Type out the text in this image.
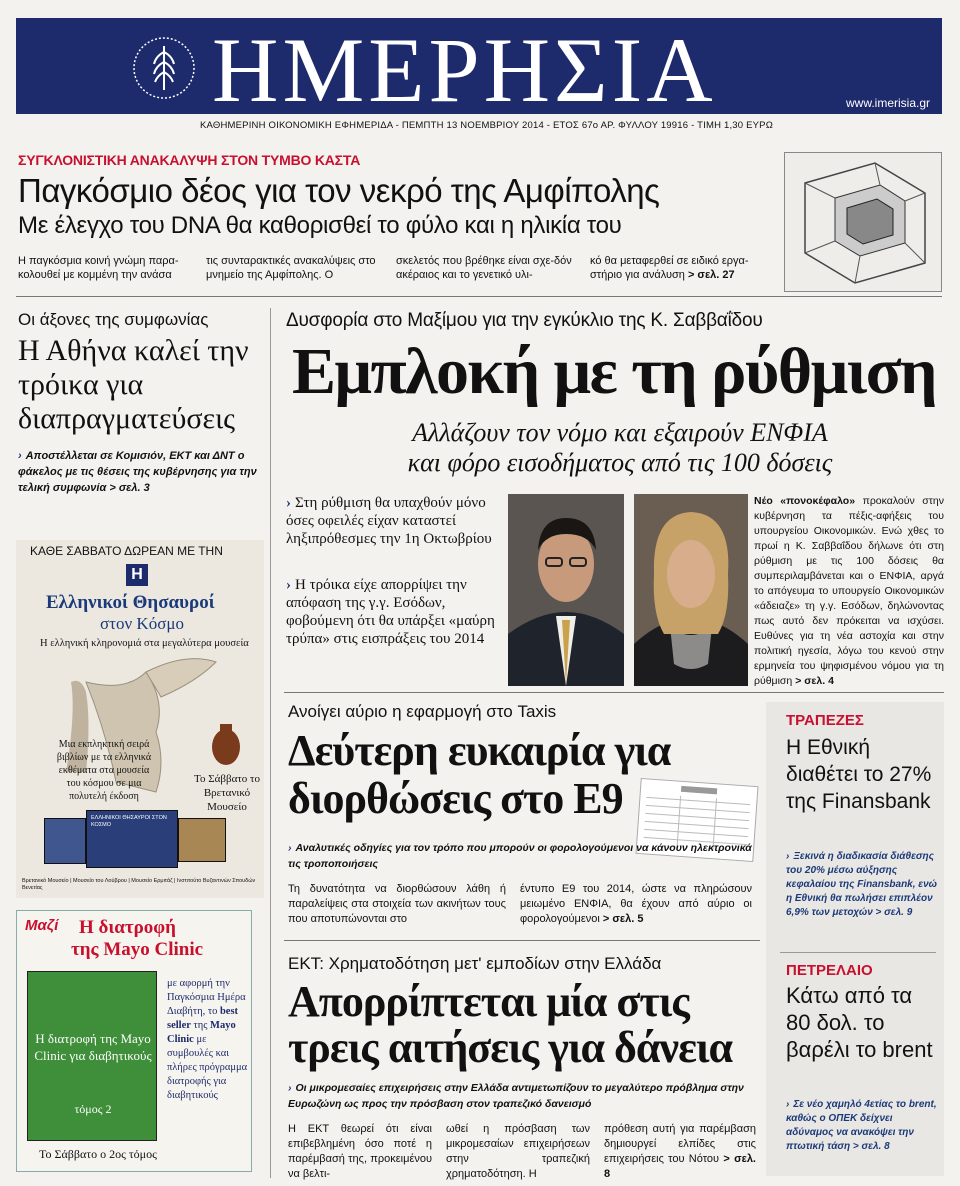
ΗΜΕΡΗΣΙΑ	www.imerisia.gr
ΚΑΘΗΜΕΡΙΝΗ ΟΙΚΟΝΟΜΙΚΗ ΕΦΗΜΕΡΙΔΑ - ΠΕΜΠΤΗ 13 ΝΟΕΜΒΡΙΟΥ 2014 - ΕΤΟΣ 67ο ΑΡ. ΦΥΛΛΟΥ 19916 - ΤΙΜΗ 1,30 ΕΥΡΩ
ΣΥΓΚΛΟΝΙΣΤΙΚΗ ΑΝΑΚΑΛΥΨΗ ΣΤΟΝ ΤΥΜΒΟ ΚΑΣΤΑ
Παγκόσμιο δέος για τον νεκρό της Αμφίπολης
Με έλεγχο του DNA θα καθορισθεί το φύλο και η ηλικία του
Η παγκόσμια κοινή γνώμη παρα-κολουθεί με κομμένη την ανάσα
τις συνταρακτικές ανακαλύψεις στο μνημείο της Αμφίπολης. Ο
σκελετός που βρέθηκε είναι σχε-δόν ακέραιος και το γενετικό υλι-
κό θα μεταφερθεί σε ειδικό εργα-στήριο για ανάλυση > σελ. 27
Οι άξονες της συμφωνίας
Η Αθήνα καλεί την τρόικα για διαπραγματεύσεις
› Αποστέλλεται σε Κομισιόν, ΕΚΤ και ΔΝΤ ο φάκελος με τις θέσεις της κυβέρνησης για την τελική συμφωνία > σελ. 3
ΚΑΘΕ ΣΑΒΒΑΤΟ ΔΩΡΕΑΝ ΜΕ ΤΗΝ
Η
Ελληνικοί Θησαυροί
στον Κόσμο
Η ελληνική κληρονομιά στα μεγαλύτερα μουσεία
Μια εκπληκτική σειρά βιβλίων με τα ελληνικά εκθέματα στα μουσεία του κόσμου σε μια πολυτελή έκδοση
Το Σάββατο το Βρετανικό Μουσείο
ΕΛΛΗΝΙΚΟΙ ΘΗΣΑΥΡΟΙ ΣΤΟΝ ΚΟΣΜΟ
Βρετανικό Μουσείο | Μουσείο του Λούβρου | Μουσείο Ερμιτάζ | Ινστιτούτο Βυζαντινών Σπουδών Βενετίας
Μαζί Η διατροφή
της Mayo Clinic
Η διατροφή της Mayo Clinic για διαβητικούς
τόμος 2
με αφορμή την Παγκόσμια Ημέρα Διαβήτη, το best seller της Mayo Clinic με συμβουλές και πλήρες πρόγραμμα διατροφής για διαβητικούς
Το Σάββατο ο 2ος τόμος
Δυσφορία στο Μαξίμου για την εγκύκλιο της Κ. Σαββαΐδου
Εμπλοκή με τη ρύθμιση
Αλλάζουν τον νόμο και εξαιρούν ΕΝΦΙΑ
και φόρο εισοδήματος από τις 100 δόσεις
› Στη ρύθμιση θα υπαχθούν μόνο όσες οφειλές είχαν καταστεί ληξιπρόθεσμες την 1η Οκτωβρίου
› Η τρόικα είχε απορρίψει την απόφαση της γ.γ. Εσόδων, φοβούμενη ότι θα υπάρξει «μαύρη τρύπα» στις εισπράξεις του 2014
Νέο «πονοκέφαλο» προκαλούν στην κυβέρνηση τα πέξις-αφήξεις του υπουργείου Οικονομικών. Ενώ χθες το πρωί η Κ. Σαββαΐδου δήλωνε ότι στη ρύθμιση με τις 100 δόσεις θα συμπεριλαμβάνεται και ο ΕΝΦΙΑ, αργά το απόγευμα το υπουργείο Οικονομικών «άδειαζε» τη γ.γ. Εσόδων, δηλώνοντας πως αυτό δεν πρόκειται να ισχύσει. Ευθύνες για τη νέα αστοχία και στην πολιτική ηγεσία, λόγω του κενού στην ερμηνεία του ψηφισμένου νόμου για τη ρύθμιση > σελ. 4
Ανοίγει αύριο η εφαρμογή στο Taxis
Δεύτερη ευκαιρία για
διορθώσεις στο Ε9
› Αναλυτικές οδηγίες για τον τρόπο που μπορούν οι φορολογούμενοι να κάνουν ηλεκτρονικά τις τροποποιήσεις
Τη δυνατότητα να διορθώσουν λάθη ή παραλείψεις στα στοιχεία των ακινήτων τους που αποτυπώνονται στο
έντυπο Ε9 του 2014, ώστε να πληρώσουν μειωμένο ΕΝΦΙΑ, θα έχουν από αύριο οι φορολογούμενοι > σελ. 5
ΕΚΤ: Χρηματοδότηση μετ' εμποδίων στην Ελλάδα
Απορρίπτεται μία στις
τρεις αιτήσεις για δάνεια
› Οι μικρομεσαίες επιχειρήσεις στην Ελλάδα αντιμετωπίζουν το μεγαλύτερο πρόβλημα στην Ευρωζώνη ως προς την πρόσβαση στον τραπεζικό δανεισμό
Η ΕΚΤ θεωρεί ότι είναι επιβεβλημένη όσο ποτέ η παρέμβασή της, προκειμένου να βελτι-
ωθεί η πρόσβαση των μικρομεσαίων επιχειρήσεων στην τραπεζική χρηματοδότηση. Η
πρόθεση αυτή για παρέμβαση δημιουργεί ελπίδες στις επιχειρήσεις του Νότου > σελ. 8
ΤΡΑΠΕΖΕΣ
Η Εθνική διαθέτει το 27% της Finansbank
› Ξεκινά η διαδικασία διάθεσης του 20% μέσω αύξησης κεφαλαίου της Finansbank, ενώ η Εθνική θα πωλήσει επιπλέον 6,9% των μετοχών > σελ. 9
ΠΕΤΡΕΛΑΙΟ
Κάτω από τα 80 δολ. το βαρέλι το brent
› Σε νέο χαμηλό 4ετίας το brent, καθώς ο ΟΠΕΚ δείχνει αδύναμος να ανακόψει την πτωτική τάση > σελ. 8
